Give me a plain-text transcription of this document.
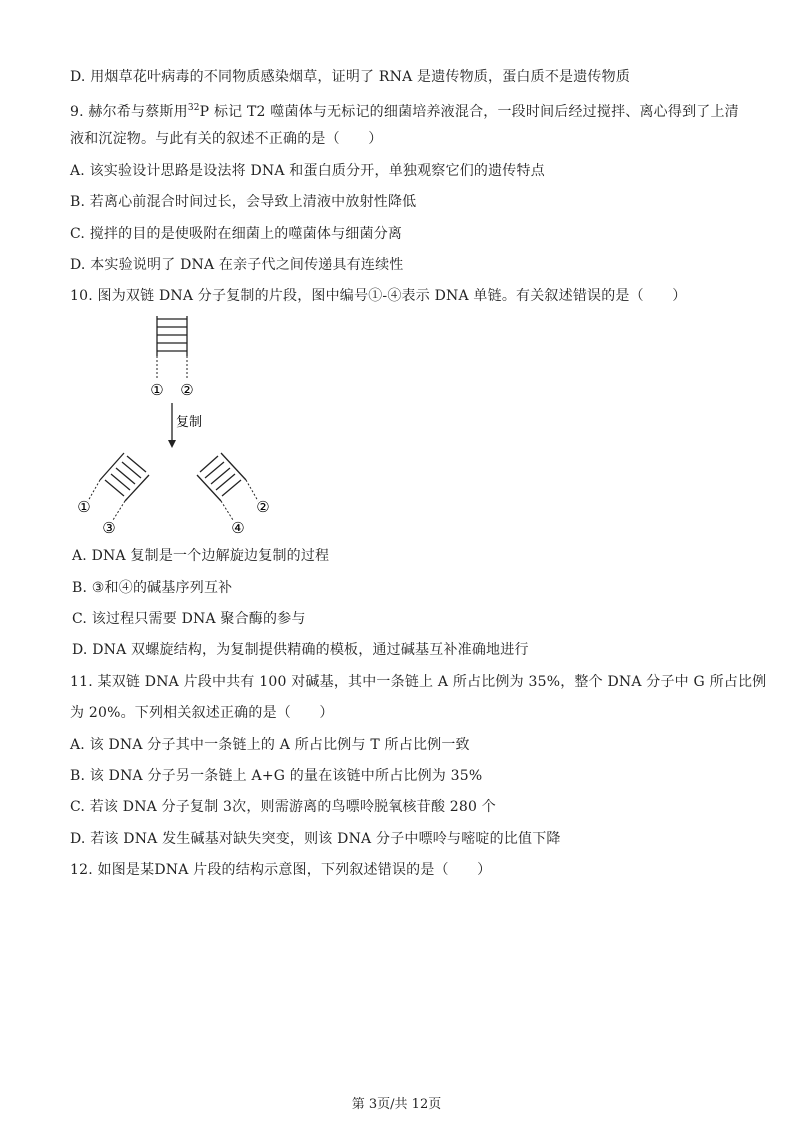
D. 用烟草花叶病毒的不同物质感染烟草，证明了 RNA 是遗传物质，蛋白质不是遗传物质
9. 赫尔希与蔡斯用$^{32}$P 标记 T2 噬菌体与无标记的细菌培养液混合，一段时间后经过搅拌、离心得到了上清
液和沉淀物。与此有关的叙述不正确的是（　　）
A. 该实验设计思路是设法将 DNA 和蛋白质分开，单独观察它们的遗传特点
B. 若离心前混合时间过长，会导致上清液中放射性降低
C. 搅拌的目的是使吸附在细菌上的噬菌体与细菌分离
D. 本实验说明了 DNA 在亲子代之间传递具有连续性
10. 图为双链 DNA 分子复制的片段，图中编号①-④表示 DNA 单链。有关叙述错误的是（　　）
① ②
复制
①
③	④
②
A. DNA 复制是一个边解旋边复制的过程
B. ③和④的碱基序列互补
C. 该过程只需要 DNA 聚合酶的参与
D. DNA 双螺旋结构，为复制提供精确的模板，通过碱基互补准确地进行
11. 某双链 DNA 片段中共有 100 对碱基，其中一条链上 A 所占比例为 35%，整个 DNA 分子中 G 所占比例
为 20%。下列相关叙述正确的是（　　）
A. 该 DNA 分子其中一条链上的 A 所占比例与 T 所占比例一致
B. 该 DNA 分子另一条链上 A+G 的量在该链中所占比例为 35%
C. 若该 DNA 分子复制 3次，则需游离的鸟嘌呤脱氧核苷酸 280 个
D. 若该 DNA 发生碱基对缺失突变，则该 DNA 分子中嘌呤与嘧啶的比值下降
12. 如图是某DNA 片段的结构示意图，下列叙述错误的是（　　）
第 3页/共 12页
